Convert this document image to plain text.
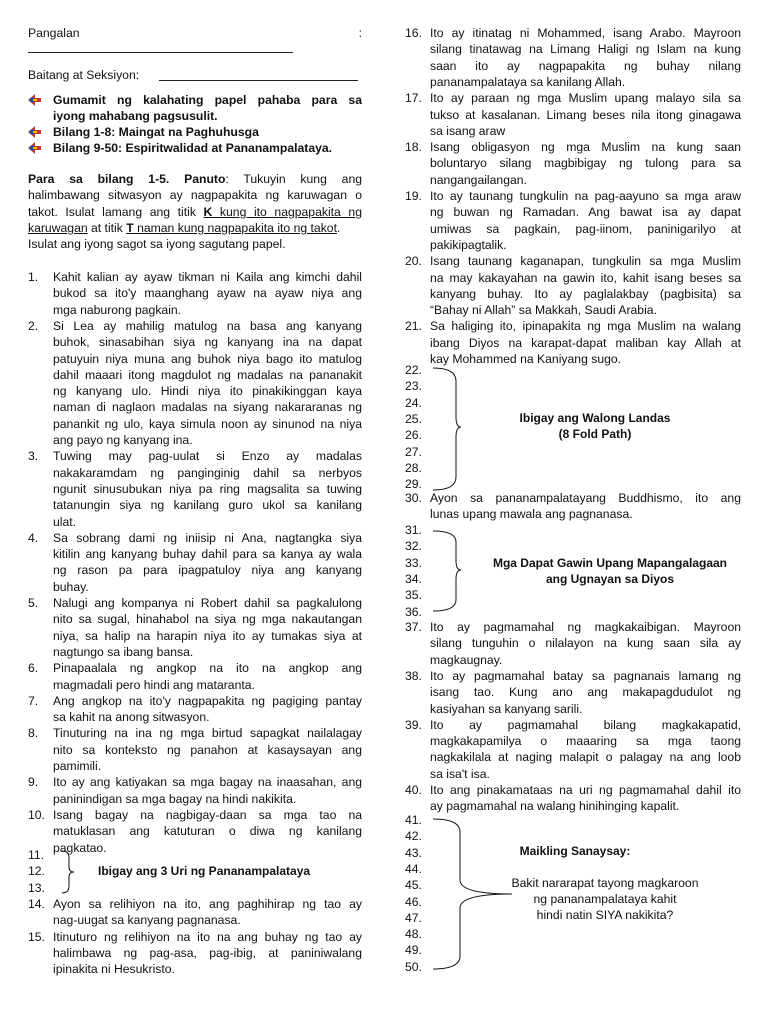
Pangalan	:
Baitang at Seksiyon:
Gumamit ng kalahating papel pahaba para sa
iyong mahabang pagsusulit.
Bilang 1-8: Maingat na Paghuhusga
Bilang 9-50: Espiritwalidad at Pananampalataya.
Para sa bilang 1-5. Panuto: Tukuyin kung ang
halimbawang sitwasyon ay nagpapakita ng karuwagan o
takot. Isulat lamang ang titik K kung ito nagpapakita ng
karuwagan at titik T naman kung nagpapakita ito ng takot.
Isulat ang iyong sagot sa iyong sagutang papel.
1.	Kahit kalian ay ayaw tikman ni Kaila ang kimchi dahil
bukod sa ito'y maanghang ayaw na ayaw niya ang
mga naburong pagkain.
2.	Si Lea ay mahilig matulog na basa ang kanyang
buhok, sinasabihan siya ng kanyang ina na dapat
patuyuin niya muna ang buhok niya bago ito matulog
dahil maaari itong magdulot ng madalas na pananakit
ng kanyang ulo. Hindi niya ito pinakikinggan kaya
naman di naglaon madalas na siyang nakararanas ng
panankit ng ulo, kaya simula noon ay sinunod na niya
ang payo ng kanyang ina.
3.	Tuwing may pag-uulat si Enzo ay madalas
nakakaramdam ng panginginig dahil sa nerbyos
ngunit sinusubukan niya pa ring magsalita sa tuwing
tatanungin siya ng kanilang guro ukol sa kanilang
ulat.
4.	Sa sobrang dami ng iniisip ni Ana, nagtangka siya
kitilin ang kanyang buhay dahil para sa kanya ay wala
ng rason pa para ipagpatuloy niya ang kanyang
buhay.
5.	Nalugi ang kompanya ni Robert dahil sa pagkalulong
nito sa sugal, hinahabol na siya ng mga nakautangan
niya, sa halip na harapin niya ito ay tumakas siya at
nagtungo sa ibang bansa.
6.	Pinapaalala ng angkop na ito na angkop ang
magmadali pero hindi ang mataranta.
7.	Ang angkop na ito'y nagpapakita ng pagiging pantay
sa kahit na anong sitwasyon.
8.	Tinuturing na ina ng mga birtud sapagkat nailalagay
nito sa konteksto ng panahon at kasaysayan ang
pamimili.
9.	Ito ay ang katiyakan sa mga bagay na inaasahan, ang
paninindigan sa mga bagay na hindi nakikita.
10. Isang bagay na nagbigay-daan sa mga tao na
matuklasan ang katuturan o diwa ng kanilang
pagkatao.
11.
12.
13.
Ibigay ang 3 Uri ng Pananampalataya
14. Ayon sa relihiyon na ito, ang paghihirap ng tao ay
nag-uugat sa kanyang pagnanasa.
15. Itinuturo ng relihiyon na ito na ang buhay ng tao ay
halimbawa ng pag-asa, pag-ibig, at paniniwalang
ipinakita ni Hesukristo.
16. Ito ay itinatag ni Mohammed, isang Arabo. Mayroon
silang tinatawag na Limang Haligi ng Islam na kung
saan ito ay nagpapakita ng buhay nilang
pananampalataya sa kanilang Allah.
17. Ito ay paraan ng mga Muslim upang malayo sila sa
tukso at kasalanan. Limang beses nila itong ginagawa
sa isang araw
18. Isang obligasyon ng mga Muslim na kung saan
boluntaryo silang magbibigay ng tulong para sa
nangangailangan.
19. Ito ay taunang tungkulin na pag-aayuno sa mga araw
ng buwan ng Ramadan. Ang bawat isa ay dapat
umiwas sa pagkain, pag-iinom, paninigarilyo at
pakikipagtalik.
20. Isang taunang kaganapan, tungkulin sa mga Muslim
na may kakayahan na gawin ito, kahit isang beses sa
kanyang buhay. Ito ay paglalakbay (pagbisita) sa
“Bahay ni Allah” sa Makkah, Saudi Arabia.
21. Sa haliging ito, ipinapakita ng mga Muslim na walang
ibang Diyos na karapat-dapat maliban kay Allah at
kay Mohammed na Kaniyang sugo.
22.
23.
24.
25.
26.
27.
28.
29.
Ibigay ang Walong Landas
(8 Fold Path)
30. Ayon sa pananampalatayang Buddhismo, ito ang
lunas upang mawala ang pagnanasa.
31.
32.
33.
34.
35.
36.
Mga Dapat Gawin Upang Mapangalagaan
ang Ugnayan sa Diyos
37. Ito ay pagmamahal ng magkakaibigan. Mayroon
silang tunguhin o nilalayon na kung saan sila ay
magkaugnay.
38. Ito ay pagmamahal batay sa pagnanais lamang ng
isang tao. Kung ano ang makapagdudulot ng
kasiyahan sa kanyang sarili.
39. Ito ay pagmamahal bilang magkakapatid,
magkakapamilya o maaaring sa mga taong
nagkakilala at naging malapit o palagay na ang loob
sa isa't isa.
40. Ito ang pinakamataas na uri ng pagmamahal dahil ito
ay pagmamahal na walang hinihinging kapalit.
41.
42.
43.
44.
45.
46.
47.
48.
49.
50.
Maikling Sanaysay:
Bakit nararapat tayong magkaroon
ng pananampalataya kahit
hindi natin SIYA nakikita?
